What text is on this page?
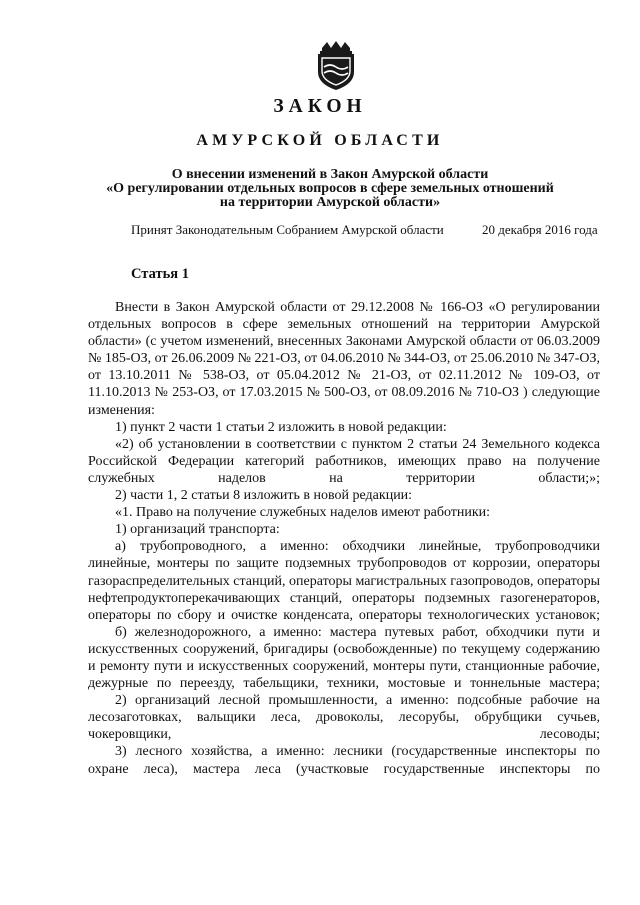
ЗАКОН
АМУРСКОЙ ОБЛАСТИ
О внесении изменений в Закон Амурской области
«О регулировании отдельных вопросов в сфере земельных отношений
на территории Амурской области»
Принят Законодательным Собранием Амурской области	20 декабря 2016 года
Статья 1

Внести в Закон Амурской области от 29.12.2008 № 166-ОЗ «О регулировании отдельных вопросов в сфере земельных отношений на территории Амурской области» (с учетом изменений, внесенных Законами Амурской области от 06.03.2009 № 185-ОЗ, от 26.06.2009 № 221-ОЗ, от 04.06.2010 № 344-ОЗ, от 25.06.2010 № 347-ОЗ, от 13.10.2011 № 538-ОЗ, от 05.04.2012 № 21-ОЗ, от 02.11.2012 № 109-ОЗ, от 11.10.2013 № 253-ОЗ, от 17.03.2015 № 500-ОЗ, от 08.09.2016 № 710-ОЗ ) следующие изменения:

1) пункт 2 части 1 статьи 2 изложить в новой редакции:

«2) об установлении в соответствии с пунктом 2 статьи 24 Земельного кодекса Российской Федерации категорий работников, имеющих право на получение служебных наделов на территории области;»;

2) части 1, 2 статьи 8 изложить в новой редакции:

«1. Право на получение служебных наделов имеют работники:

1) организаций транспорта:

а) трубопроводного, а именно: обходчики линейные, трубопроводчики линейные, монтеры по защите подземных трубопроводов от коррозии, операторы газораспределительных станций, операторы магистральных газопроводов, операторы нефтепродуктоперекачивающих станций, операторы подземных газогенераторов, операторы по сбору и очистке конденсата, операторы технологических установок;

б) железнодорожного, а именно: мастера путевых работ, обходчики пути и искусственных сооружений, бригадиры (освобожденные) по текущему содержанию и ремонту пути и искусственных сооружений, монтеры пути, станционные рабочие, дежурные по переезду, табельщики, техники, мостовые и тоннельные мастера;

2) организаций лесной промышленности, а именно: подсобные рабочие на лесозаготовках, вальщики леса, дровоколы, лесорубы, обрубщики сучьев, чокеровщики, лесоводы;

3) лесного хозяйства, а именно: лесники (государственные инспекторы по охране леса), мастера леса (участковые государственные инспекторы по
